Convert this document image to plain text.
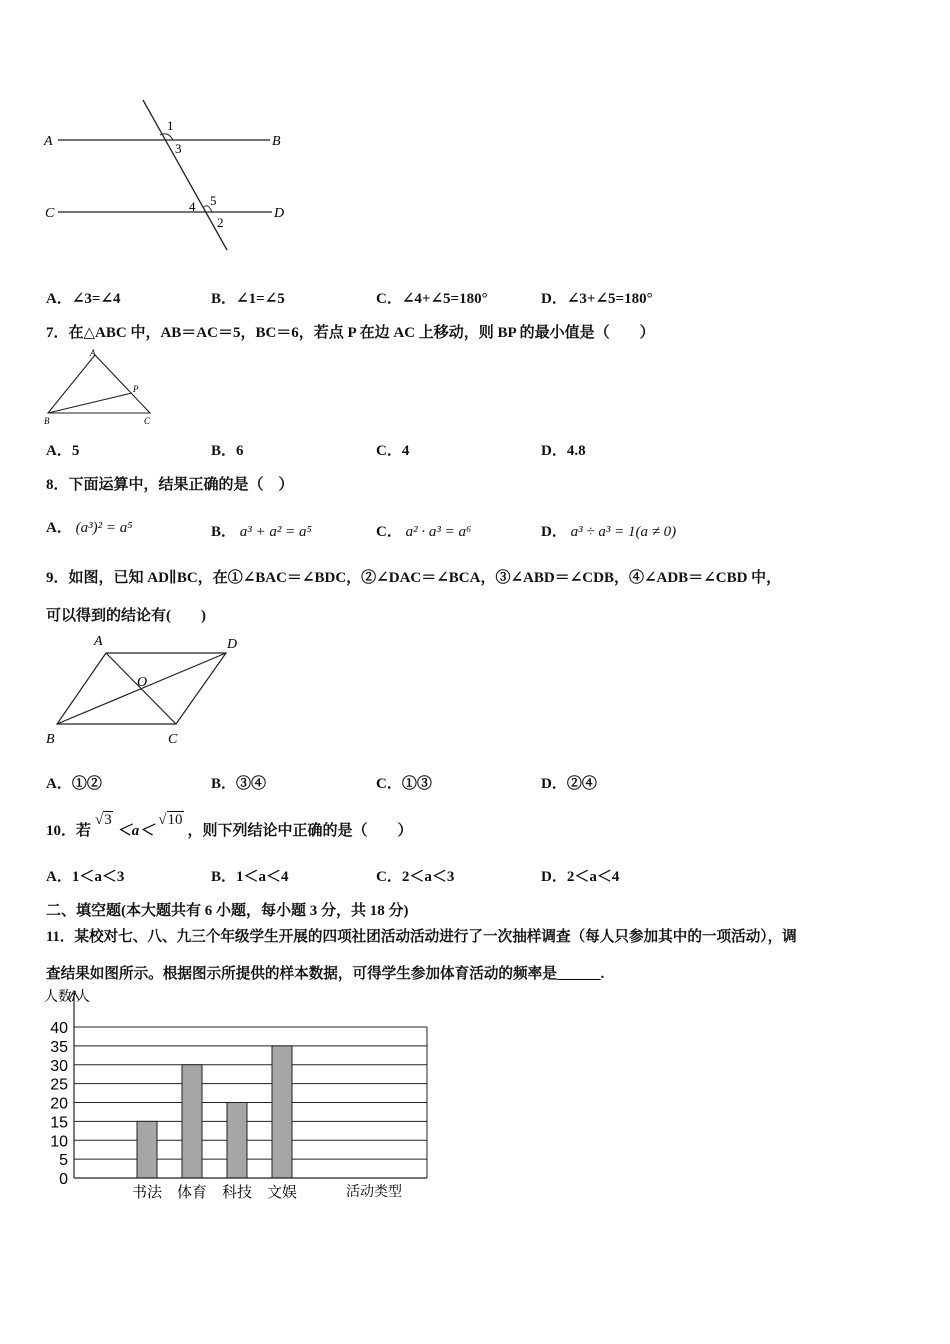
A	B
C	D
1
3
4 5
2
A．∠3=∠4	B．∠1=∠5	C．∠4+∠5=180°	D．∠3+∠5=180°
7．在△ABC 中，AB＝AC＝5，BC＝6，若点 P 在边 AC 上移动，则 BP 的最小值是（　　）
A
B	C
P
A．5	B．6	C．4	D．4.8
8．下面运算中，结果正确的是（　）
A． (a³)² = a⁵	B． a³ + a² = a⁵	C． a² · a³ = a⁶	D． a³ ÷ a³ = 1(a ≠ 0)
9．如图，已知 AD∥BC，在①∠BAC＝∠BDC，②∠DAC＝∠BCA，③∠ABD＝∠CDB，④∠ADB＝∠CBD 中，
可以得到的结论有(　　)
A	D
O
B	C
A．①②	B．③④	C．①③	D．②④
10．若√3＜a＜√10，则下列结论中正确的是（　　）
A．1＜a＜3	B．1＜a＜4	C．2＜a＜3	D．2＜a＜4
二、填空题(本大题共有 6 小题，每小题 3 分，共 18 分)
11．某校对七、八、九三个年级学生开展的四项社团活动活动进行了一次抽样调查（每人只参加其中的一项活动），调
查结果如图所示。根据图示所提供的样本数据，可得学生参加体育活动的频率是______.
0
5
10
15
20
25
30
35
40
书法 体育 科技 文娱
人数/人
活动类型
